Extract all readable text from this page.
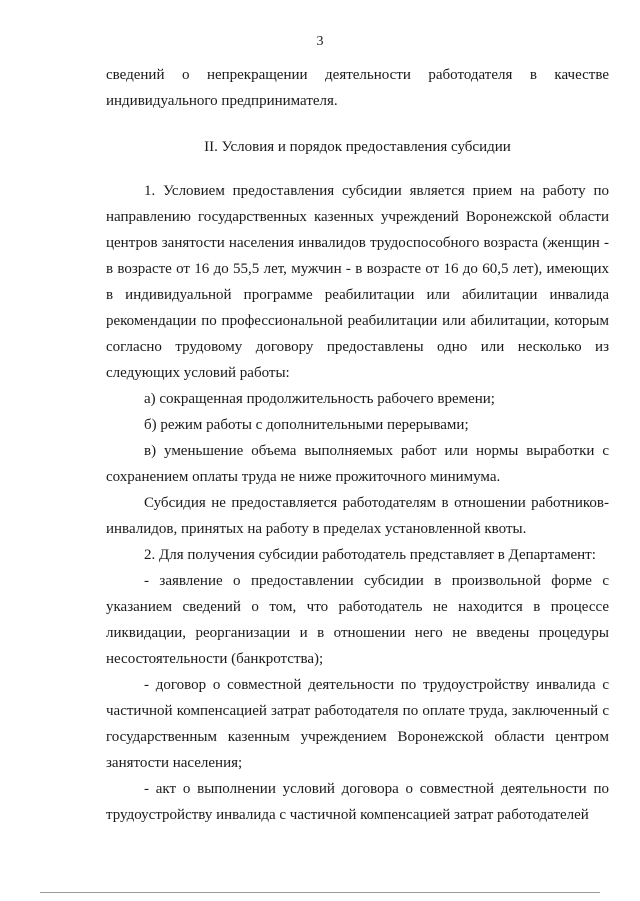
3

сведений о непрекращении деятельности работодателя в качестве индивидуального предпринимателя.

II. Условия и порядок предоставления субсидии

1. Условием предоставления субсидии является прием на работу по направлению государственных казенных учреждений Воронежской области центров занятости населения инвалидов трудоспособного возраста (женщин - в возрасте от 16 до 55,5 лет, мужчин - в возрасте от 16 до 60,5 лет), имеющих в индивидуальной программе реабилитации или абилитации инвалида рекомендации по профессиональной реабилитации или абилитации, которым согласно трудовому договору предоставлены одно или несколько из следующих условий работы:

а) сокращенная продолжительность рабочего времени;

б) режим работы с дополнительными перерывами;

в) уменьшение объема выполняемых работ или нормы выработки с сохранением оплаты труда не ниже прожиточного минимума.

Субсидия не предоставляется работодателям в отношении работников-инвалидов, принятых на работу в пределах установленной квоты.

2. Для получения субсидии работодатель представляет в Департамент:

- заявление о предоставлении субсидии в произвольной форме с указанием сведений о том, что работодатель не находится в процессе ликвидации, реорганизации и в отношении него не введены процедуры несостоятельности (банкротства);

- договор о совместной деятельности по трудоустройству инвалида с частичной компенсацией затрат работодателя по оплате труда, заключенный с государственным казенным учреждением Воронежской области центром занятости населения;

- акт о выполнении условий договора о совместной деятельности по трудоустройству инвалида с частичной компенсацией затрат работодателей
